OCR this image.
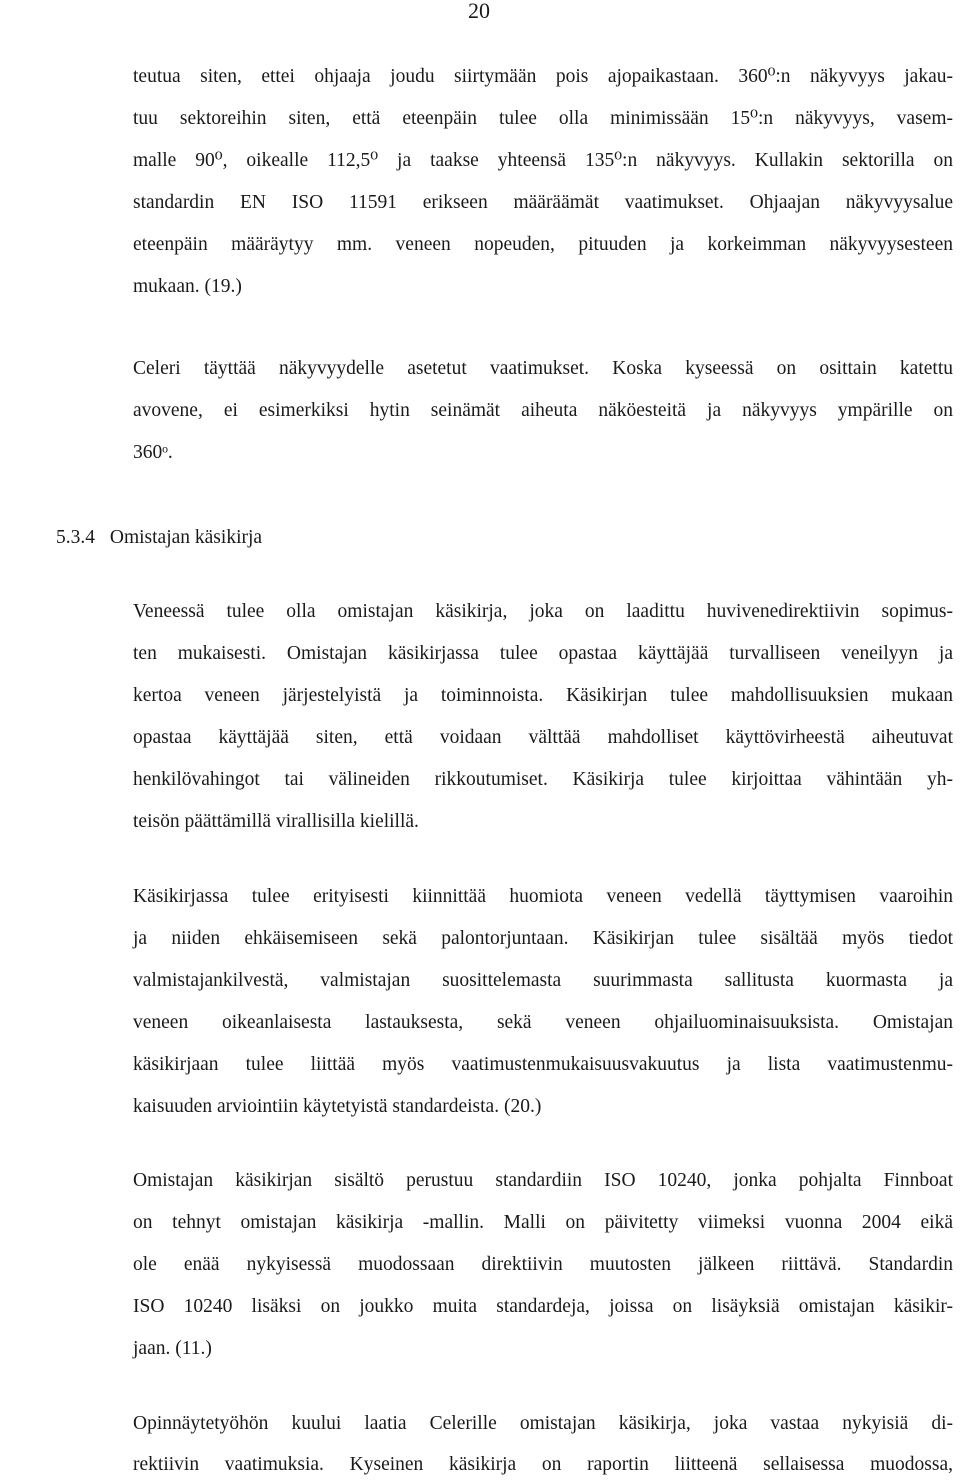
20
teutua siten, ettei ohjaaja joudu siirtymään pois ajopaikastaan. 360⁰:n näkyvyys jakau-
tuu sektoreihin siten, että eteenpäin tulee olla minimissään 15⁰:n näkyvyys, vasem-
malle 90⁰, oikealle 112,5⁰ ja taakse yhteensä 135⁰:n näkyvyys. Kullakin sektorilla on
standardin EN ISO 11591 erikseen määräämät vaatimukset. Ohjaajan näkyvyysalue
eteenpäin määräytyy mm. veneen nopeuden, pituuden ja korkeimman näkyvyysesteen
mukaan. (19.)
Celeri täyttää näkyvyydelle asetetut vaatimukset. Koska kyseessä on osittain katettu
avovene, ei esimerkiksi hytin seinämät aiheuta näköesteitä ja näkyvyys ympärille on
360ᵒ.
5.3.4 Omistajan käsikirja
Veneessä tulee olla omistajan käsikirja, joka on laadittu huvivenedirektiivin sopimus-
ten mukaisesti. Omistajan käsikirjassa tulee opastaa käyttäjää turvalliseen veneilyyn ja
kertoa veneen järjestelyistä ja toiminnoista. Käsikirjan tulee mahdollisuuksien mukaan
opastaa käyttäjää siten, että voidaan välttää mahdolliset käyttövirheestä aiheutuvat
henkilövahingot tai välineiden rikkoutumiset. Käsikirja tulee kirjoittaa vähintään yh-
teisön päättämillä virallisilla kielillä.
Käsikirjassa tulee erityisesti kiinnittää huomiota veneen vedellä täyttymisen vaaroihin
ja niiden ehkäisemiseen sekä palontorjuntaan. Käsikirjan tulee sisältää myös tiedot
valmistajankilvestä, valmistajan suosittelemasta suurimmasta sallitusta kuormasta ja
veneen oikeanlaisesta lastauksesta, sekä veneen ohjailuominaisuuksista. Omistajan
käsikirjaan tulee liittää myös vaatimustenmukaisuusvakuutus ja lista vaatimustenmu-
kaisuuden arviointiin käytetyistä standardeista. (20.)
Omistajan käsikirjan sisältö perustuu standardiin ISO 10240, jonka pohjalta Finnboat
on tehnyt omistajan käsikirja -mallin. Malli on päivitetty viimeksi vuonna 2004 eikä
ole enää nykyisessä muodossaan direktiivin muutosten jälkeen riittävä. Standardin
ISO 10240 lisäksi on joukko muita standardeja, joissa on lisäyksiä omistajan käsikir-
jaan. (11.)
Opinnäytetyöhön kuului laatia Celerille omistajan käsikirja, joka vastaa nykyisiä di-
rektiivin vaatimuksia. Kyseinen käsikirja on raportin liitteenä sellaisessa muodossa,
